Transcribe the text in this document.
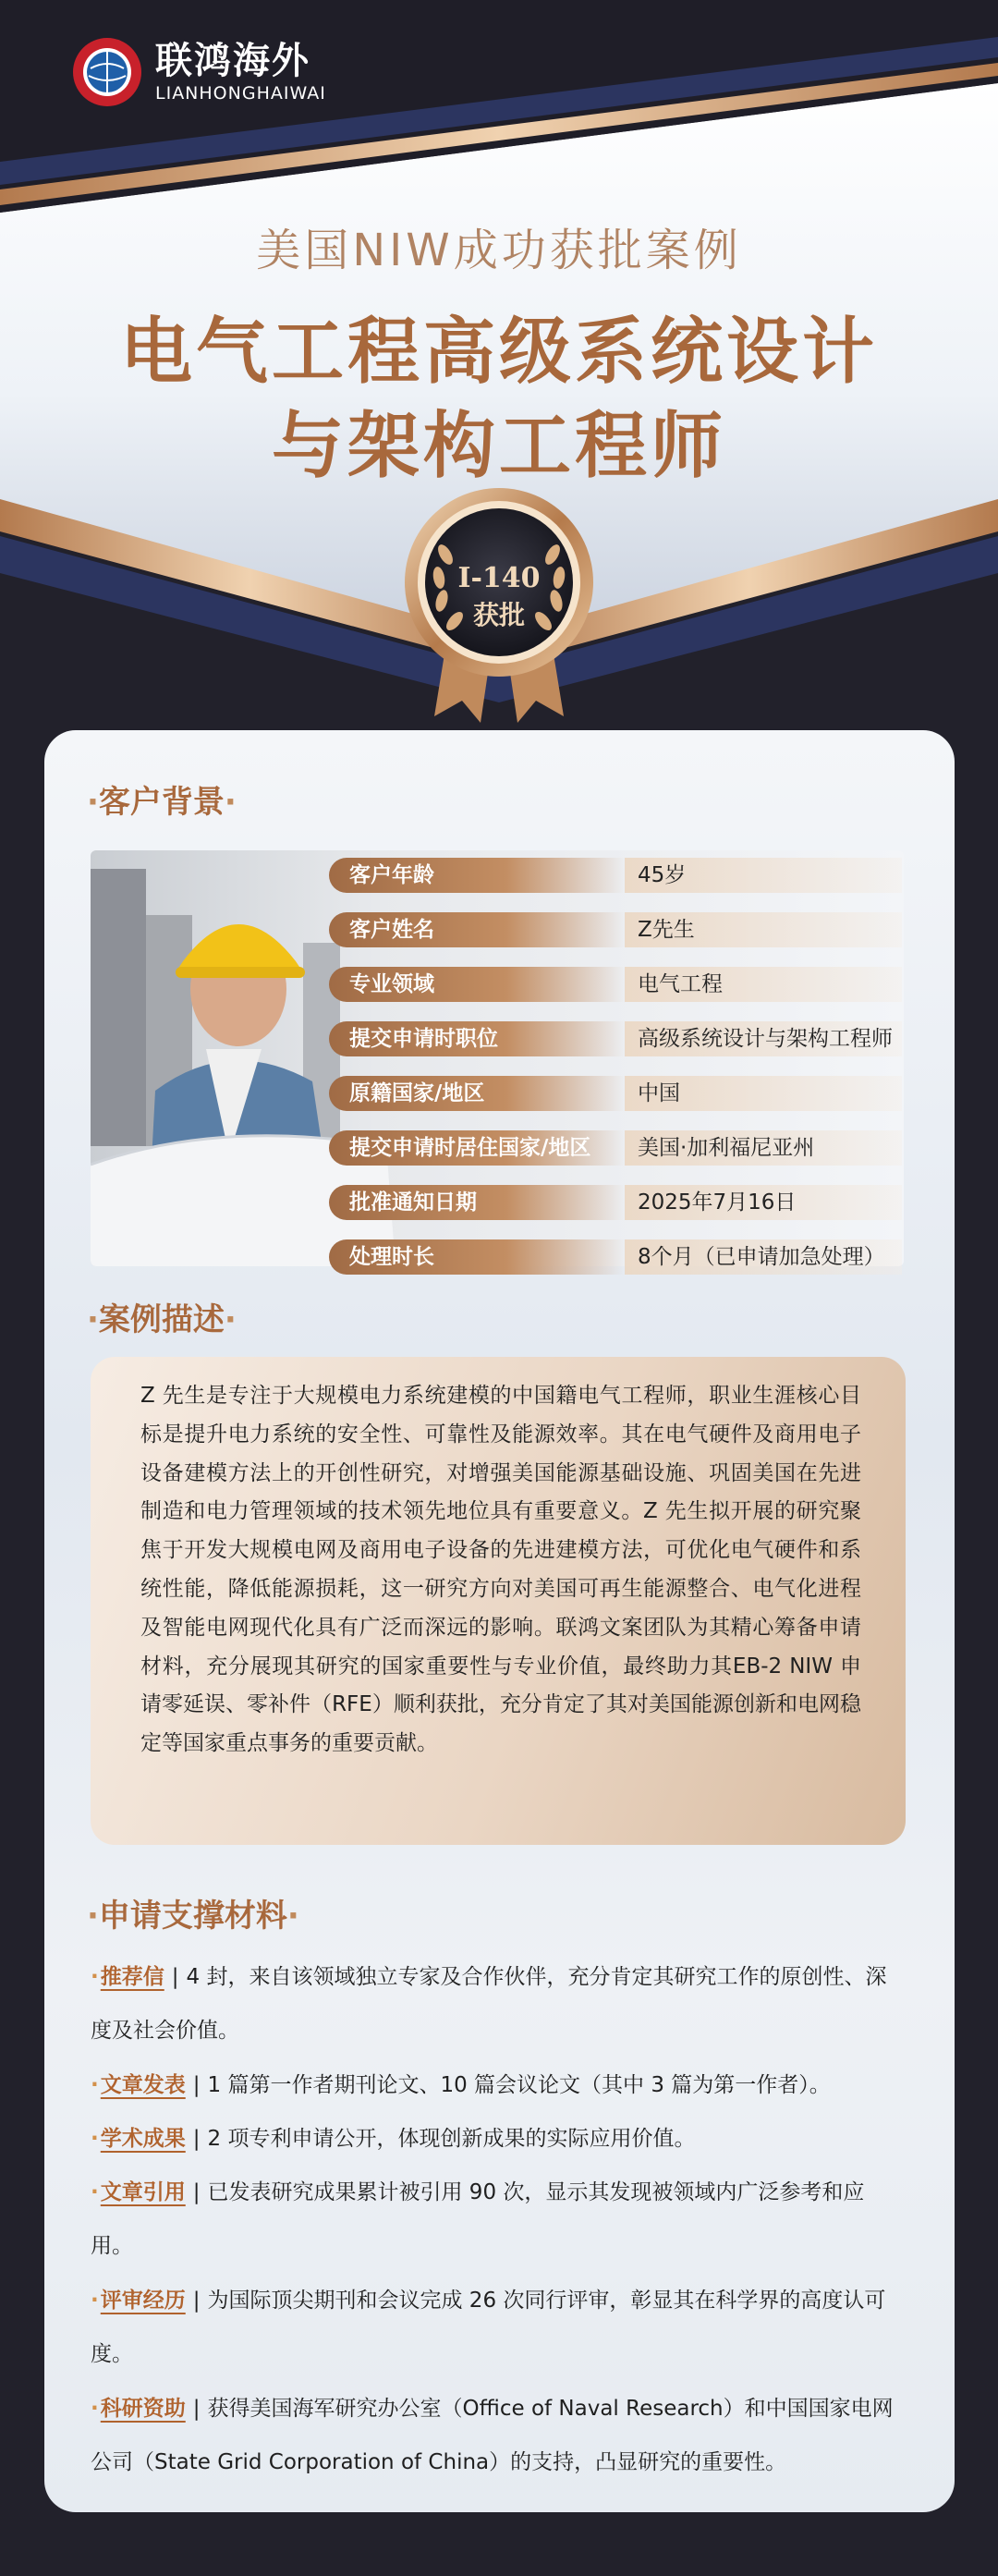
联鸿海外
LIANHONGHAIWAI
美国NIW成功获批案例
电气工程高级系统设计
与架构工程师
I-140
获批
·客户背景·
客户年龄	45岁
客户姓名	Z先生
专业领域	电气工程
提交申请时职位	高级系统设计与架构工程师
原籍国家/地区	中国
提交申请时居住国家/地区	美国·加利福尼亚州
批准通知日期	2025年7月16日
处理时长	8个月（已申请加急处理）
·案例描述·
Z 先生是专注于大规模电力系统建模的中国籍电气工程师，职业生涯核心目标是提升电力系统的安全性、可靠性及能源效率。其在电气硬件及商用电子设备建模方法上的开创性研究，对增强美国能源基础设施、巩固美国在先进制造和电力管理领域的技术领先地位具有重要意义。Z 先生拟开展的研究聚焦于开发大规模电网及商用电子设备的先进建模方法，可优化电气硬件和系统性能，降低能源损耗，这一研究方向对美国可再生能源整合、电气化进程及智能电网现代化具有广泛而深远的影响。联鸿文案团队为其精心筹备申请材料，充分展现其研究的国家重要性与专业价值，最终助力其EB-2 NIW 申请零延误、零补件（RFE）顺利获批，充分肯定了其对美国能源创新和电网稳定等国家重点事务的重要贡献。
·申请支撑材料·
·推荐信 | 4 封，来自该领域独立专家及合作伙伴，充分肯定其研究工作的原创性、深度及社会价值。
·文章发表 | 1 篇第一作者期刊论文、10 篇会议论文（其中 3 篇为第一作者）。
·学术成果 | 2 项专利申请公开，体现创新成果的实际应用价值。
·文章引用 | 已发表研究成果累计被引用 90 次，显示其发现被领域内广泛参考和应用。
·评审经历 | 为国际顶尖期刊和会议完成 26 次同行评审，彰显其在科学界的高度认可度。
·科研资助 | 获得美国海军研究办公室（Office of Naval Research）和中国国家电网公司（State Grid Corporation of China）的支持，凸显研究的重要性。
